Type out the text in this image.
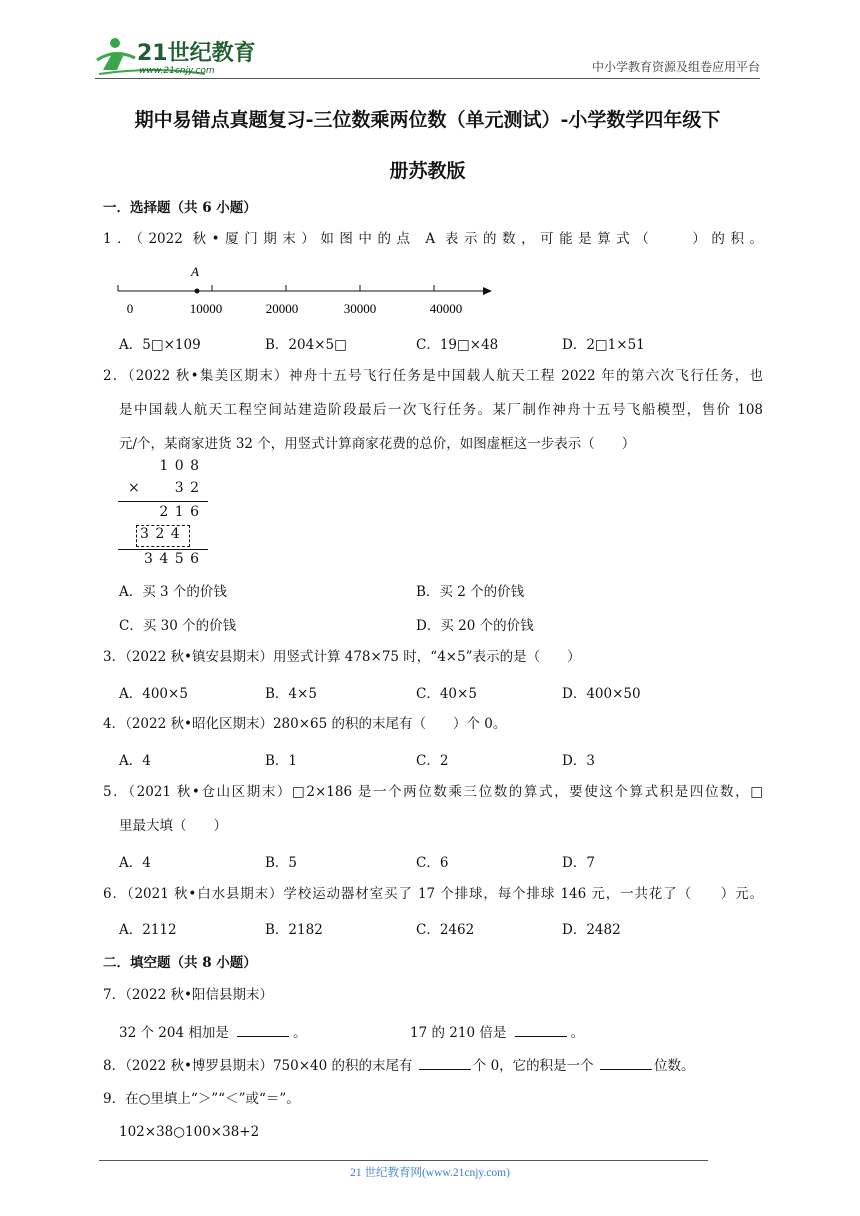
21世纪教育
www.21cnjy.com	中小学教育资源及组卷应用平台
期中易错点真题复习-三位数乘两位数（单元测试）-小学数学四年级下
册苏教版
一．选择题（共 6 小题）
1．（2022 秋•厦门期末）如图中的点 A 表示的数，可能是算式（　　）的积。
A
0	10000	20000	30000	40000
A．5□×109	B．204×5□	C．19□×48	D．2□1×51
2．（2022 秋•集美区期末）神舟十五号飞行任务是中国载人航天工程 2022 年的第六次飞行任务，也
是中国载人航天工程空间站建造阶段最后一次飞行任务。某厂制作神舟十五号飞船模型，售价 108
元/个，某商家进货 32 个，用竖式计算商家花费的总价，如图虚框这一步表示（　　）
1 0 8
×	3 2
2 1 6
3 2 4
3 4 5 6
A．买 3 个的价钱	B．买 2 个的价钱
C．买 30 个的价钱	D．买 20 个的价钱
3．（2022 秋•镇安县期末）用竖式计算 478×75 时，“4×5”表示的是（　　）
A．400×5	B．4×5	C．40×5	D．400×50
4．（2022 秋•昭化区期末）280×65 的积的末尾有（　　）个 0。
A．4	B．1	C．2	D．3
5．（2021 秋•仓山区期末）□2×186 是一个两位数乘三位数的算式，要使这个算式积是四位数，□
里最大填（　　）
A．4	B．5	C．6	D．7
6．（2021 秋•白水县期末）学校运动器材室买了 17 个排球，每个排球 146 元，一共花了（　　）元。
A．2112	B．2182	C．2462	D．2482
二．填空题（共 8 小题）
7．（2022 秋•阳信县期末）
32 个 204 相加是	。	17 的 210 倍是	。
8．（2022 秋•博罗县期末）750×40 的积的末尾有	个 0，它的积是一个	位数。
9．在○里填上“＞”“＜”或“＝”。
102×38○100×38+2
21 世纪教育网(www.21cnjy.com)
